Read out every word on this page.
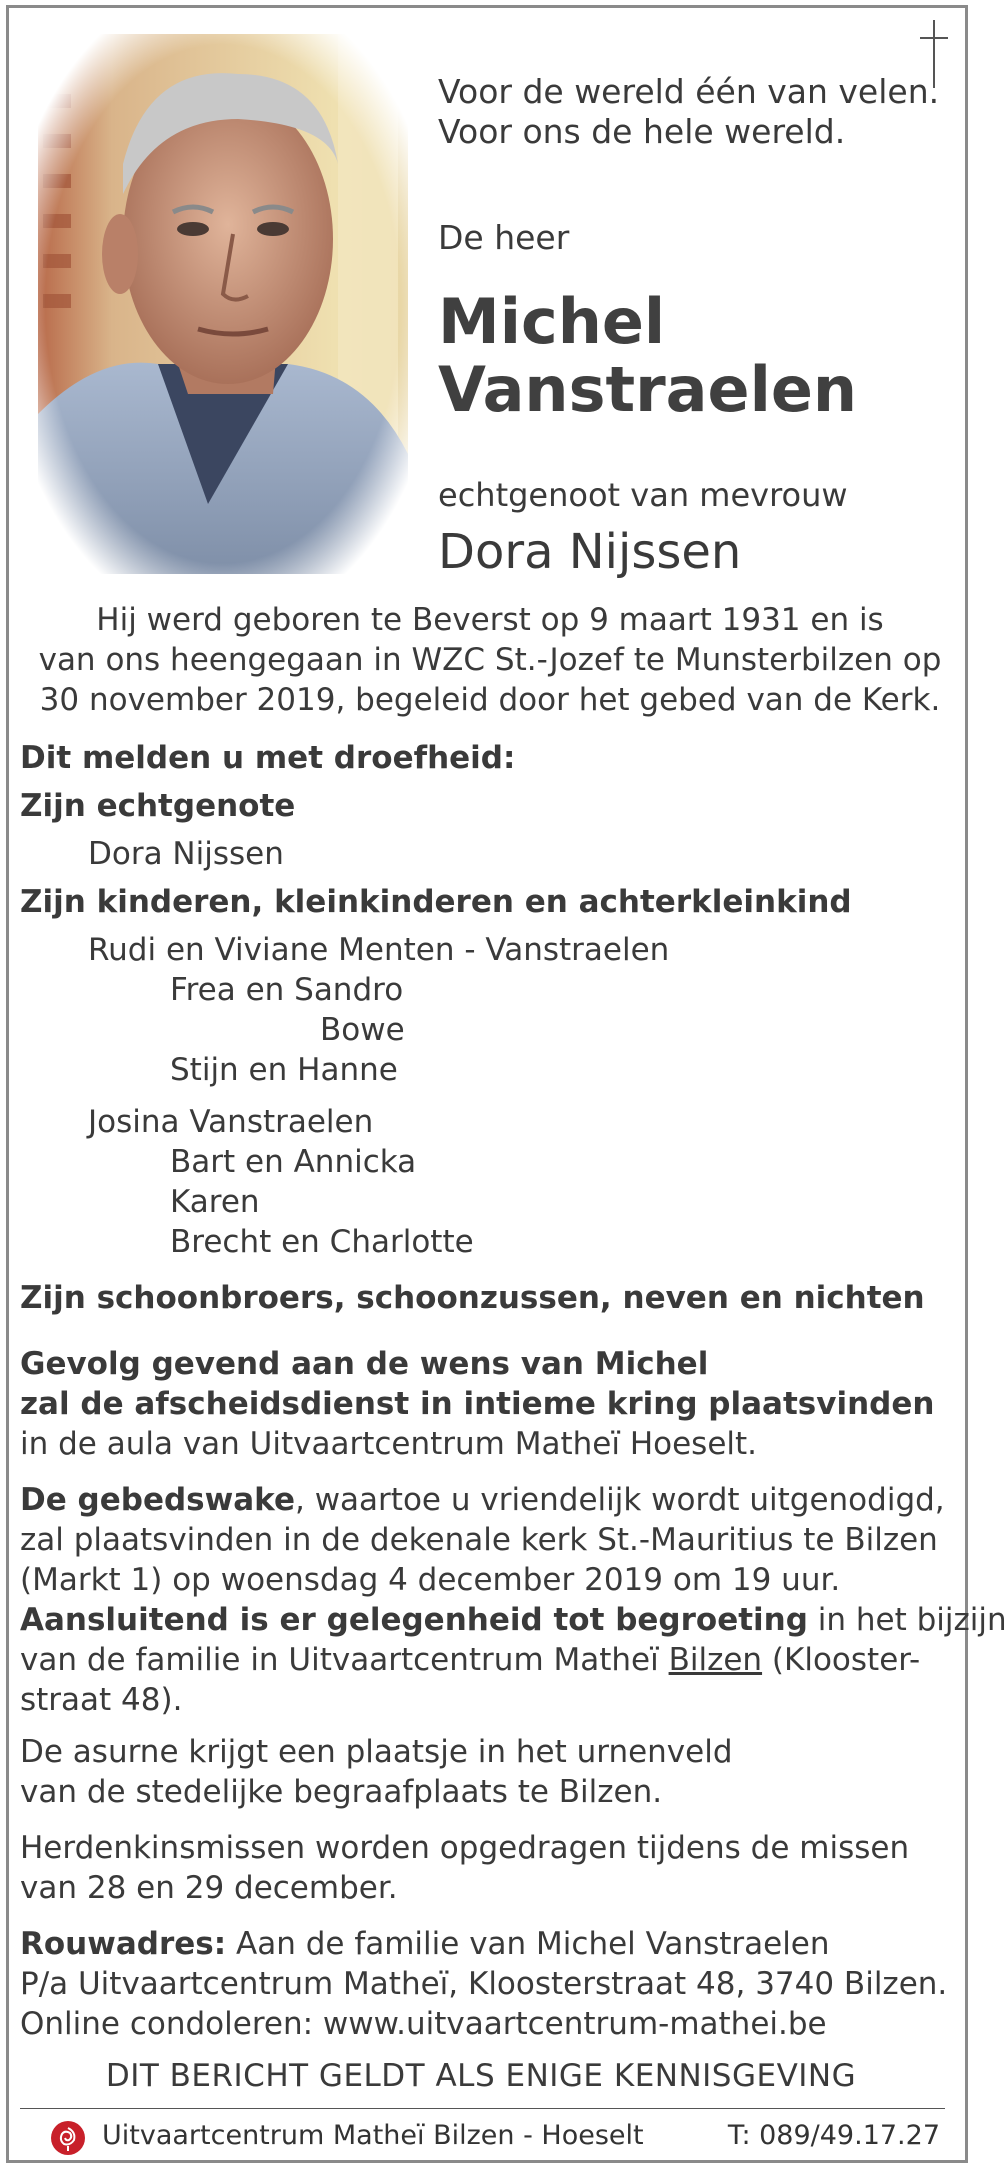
Voor de wereld één van velen.
Voor ons de hele wereld.
De heer
Michel
Vanstraelen
echtgenoot van mevrouw
Dora Nijssen
Hij werd geboren te Beverst op 9 maart 1931 en is
van ons heengegaan in WZC St.-Jozef te Munsterbilzen op
30 november 2019, begeleid door het gebed van de Kerk.
Dit melden u met droefheid:
Zijn echtgenote
Dora Nijssen
Zijn kinderen, kleinkinderen en achterkleinkind
Rudi en Viviane Menten - Vanstraelen
Frea en Sandro
Bowe
Stijn en Hanne
Josina Vanstraelen
Bart en Annicka
Karen
Brecht en Charlotte
Zijn schoonbroers, schoonzussen, neven en nichten
Gevolg gevend aan de wens van Michel
zal de afscheidsdienst in intieme kring plaatsvinden
in de aula van Uitvaartcentrum Matheï Hoeselt.
De gebedswake, waartoe u vriendelijk wordt uitgenodigd,
zal plaatsvinden in de dekenale kerk St.-Mauritius te Bilzen
(Markt 1) op woensdag 4 december 2019 om 19 uur.
Aansluitend is er gelegenheid tot begroeting in het bijzijn
van de familie in Uitvaartcentrum Matheï Bilzen (Klooster-
straat 48).
De asurne krijgt een plaatsje in het urnenveld
van de stedelijke begraafplaats te Bilzen.
Herdenkinsmissen worden opgedragen tijdens de missen
van 28 en 29 december.
Rouwadres: Aan de familie van Michel Vanstraelen
P/a Uitvaartcentrum Matheï, Kloosterstraat 48, 3740 Bilzen.
Online condoleren: www.uitvaartcentrum-mathei.be
DIT BERICHT GELDT ALS ENIGE KENNISGEVING
Uitvaartcentrum Matheï Bilzen - Hoeselt	T: 089/49.17.27
